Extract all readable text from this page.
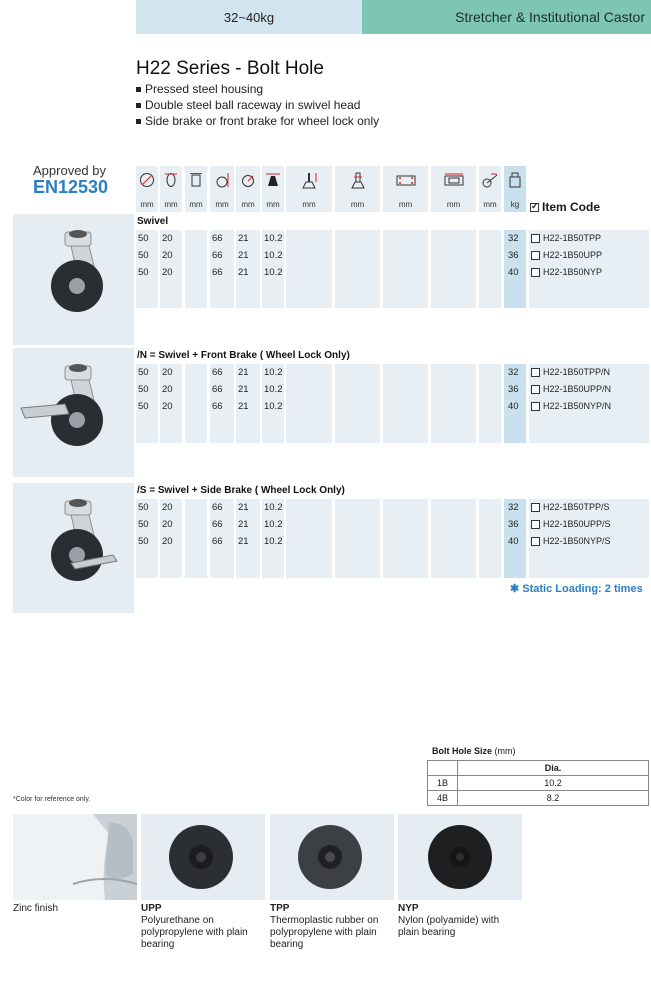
32~40kg	Stretcher & Institutional Castor
H22 Series - Bolt Hole
Pressed steel housing
Double steel ball raceway in swivel head
Side brake or front brake for wheel lock only
Approved by
EN12530
mm	mm	mm	mm	mm	mm	mm	mm	mm	mm	mm	kg ✓	Item Code
Swivel
50 20	66 21 10.2	32	H22-1B50TPP
50 20	66 21 10.2	36	H22-1B50UPP
50 20	66 21 10.2	40	H22-1B50NYP
/N = Swivel + Front Brake ( Wheel Lock Only)
50 20	66 21 10.2	32	H22-1B50TPP/N
50 20	66 21 10.2	36	H22-1B50UPP/N
50 20	66 21 10.2	40	H22-1B50NYP/N
/S = Swivel + Side Brake ( Wheel Lock Only)
50 20	66 21 10.2	32	H22-1B50TPP/S
50 20	66 21 10.2	36	H22-1B50UPP/S
50 20	66 21 10.2	40	H22-1B50NYP/S
✱ Static Loading: 2 times
Bolt Hole Size (mm)
	Dia.
1B	10.2
4B	8.2
*Color for reference only.
Zinc finish	UPP
Polyurethane on polypropylene with plain bearing
TPP
Thermoplastic rubber on polypropylene with plain bearing
NYP
Nylon (polyamide) with plain bearing
